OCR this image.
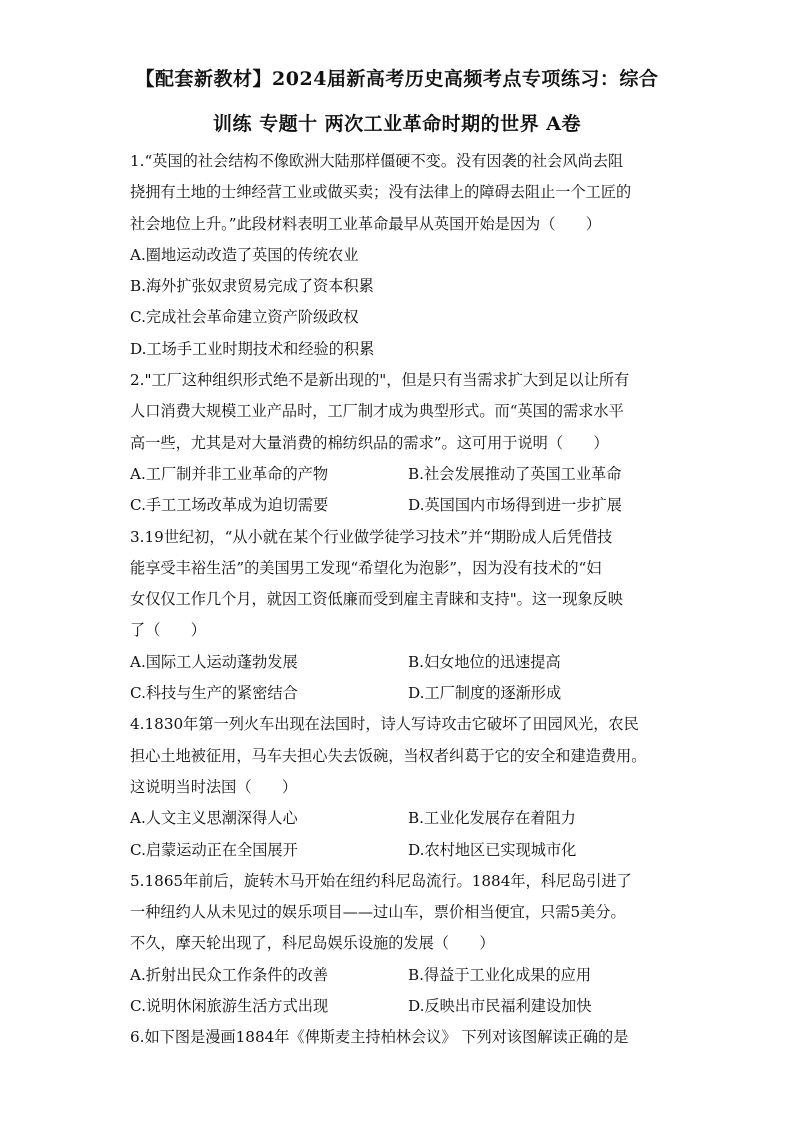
【配套新教材】2024届新高考历史高频考点专项练习：综合
训练 专题十 两次工业革命时期的世界 A卷
1.“英国的社会结构不像欧洲大陆那样僵硬不变。没有因袭的社会风尚去阻
挠拥有土地的士绅经营工业或做买卖；没有法律上的障碍去阻止一个工匠的
社会地位上升。”此段材料表明工业革命最早从英国开始是因为（　　）
A.圈地运动改造了英国的传统农业
B.海外扩张奴隶贸易完成了资本积累
C.完成社会革命建立资产阶级政权
D.工场手工业时期技术和经验的积累
2."工厂这种组织形式绝不是新出现的"，但是只有当需求扩大到足以让所有
人口消费大规模工业产品时，工厂制才成为典型形式。而“英国的需求水平
高一些，尤其是对大量消费的棉纺织品的需求”。这可用于说明（　　）
A.工厂制并非工业革命的产物	B.社会发展推动了英国工业革命
C.手工工场改革成为迫切需要	D.英国国内市场得到进一步扩展
3.19世纪初，“从小就在某个行业做学徒学习技术”并“期盼成人后凭借技
能享受丰裕生活”的美国男工发现“希望化为泡影”，因为没有技术的“妇
女仅仅工作几个月，就因工资低廉而受到雇主青睐和支持"。这一现象反映
了（　　）
A.国际工人运动蓬勃发展	B.妇女地位的迅速提高
C.科技与生产的紧密结合	D.工厂制度的逐渐形成
4.1830年第一列火车出现在法国时，诗人写诗攻击它破坏了田园风光，农民
担心土地被征用，马车夫担心失去饭碗，当权者纠葛于它的安全和建造费用。
这说明当时法国（　　）
A.人文主义思潮深得人心	B.工业化发展存在着阻力
C.启蒙运动正在全国展开	D.农村地区已实现城市化
5.1865年前后，旋转木马开始在纽约科尼岛流行。1884年，科尼岛引进了
一种纽约人从未见过的娱乐项目——过山车，票价相当便宜，只需5美分。
不久，摩天轮出现了，科尼岛娱乐设施的发展（　　）
A.折射出民众工作条件的改善	B.得益于工业化成果的应用
C.说明休闲旅游生活方式出现	D.反映出市民福利建设加快
6.如下图是漫画1884年《俾斯麦主持柏林会议》 下列对该图解读正确的是
